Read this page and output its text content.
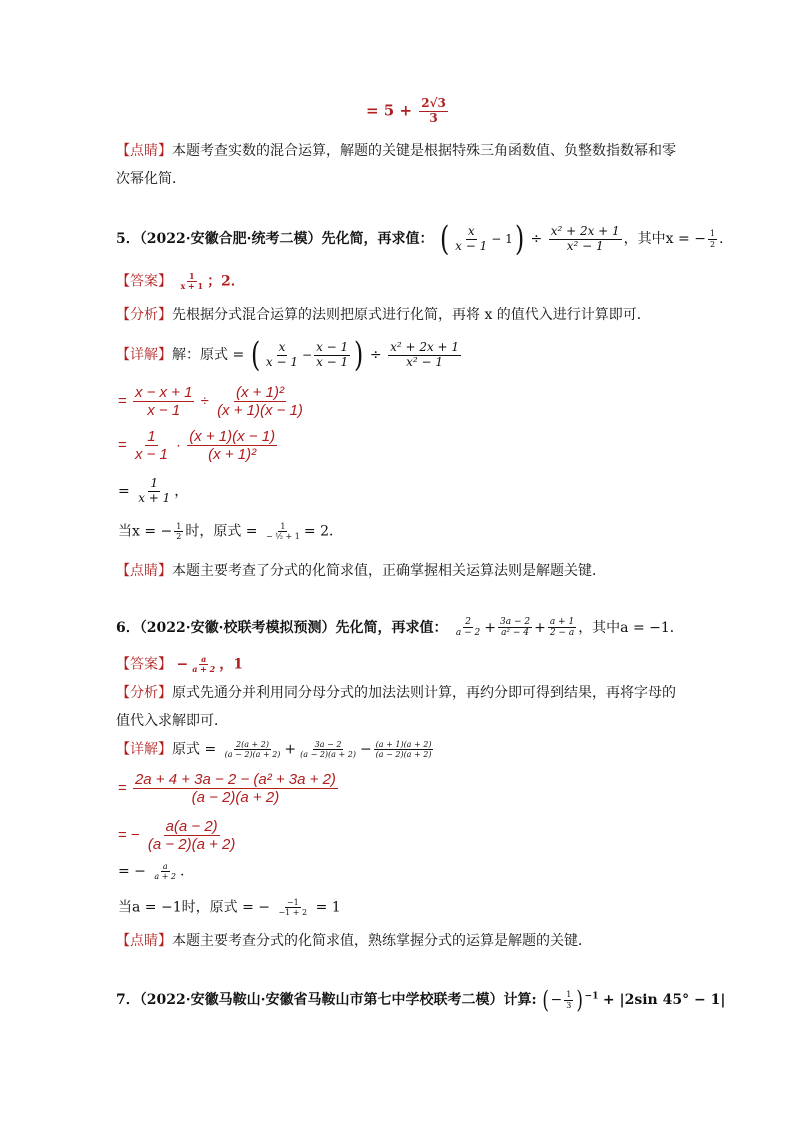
= $5 + \frac{2√3}{3}$
【点睛】本题考查实数的混合运算，解题的关键是根据特殊三角函数值、负整数指数幂和零
次幂化简．
5．（2022·安徽合肥·统考二模）先化简，再求值： ( $\frac{x}{x - 1} - 1) \div \frac{\text{x² + 2x + 1}}{\text{x² − 1}}$ ，其中x = − $\frac{1}{2}$ .
【答案】 $\frac{1}{x + 1}$ ；2．
【分析】先根据分式混合运算的法则把原式进行化简，再将 x 的值代入进行计算即可．
【详解】解：原式 = ( $\frac{x}{x - 1} - \frac{x - 1}{x - 1}$ ) ÷ $\frac{\text{x² + 2x + 1}}{\text{x² − 1}}$
= $\frac{x - x + 1}{x - 1} \div \frac{\text{(x + 1)²}}{(x + 1)(x - 1)}$
= $\frac{1}{x - 1} \cdot \frac{(x + 1)(x - 1)}{\text{(x + 1)²}}$
= $\frac{1}{x + 1}$ ，
当x = − $\frac{1}{2}$ 时，原式 = $\frac{1}{\text{− ½ + 1}} = 2$．
【点睛】本题主要考查了分式的化简求值，正确掌握相关运算法则是解题关键．
6．（2022·安徽·校联考模拟预测）先化简，再求值： $\frac{2}{a - 2} + \frac{3a - 2}{\text{a² − 4}} + \frac{a + 1}{2 - a}$ ，其中a = −1．
【答案】 − $\frac{a}{a + 2}$ ，1
【分析】原式先通分并利用同分母分式的加法法则计算，再约分即可得到结果，再将字母的
值代入求解即可．
【详解】原式 = $\frac{2(a + 2)}{(a - 2)(a + 2)} + \frac{3a - 2}{(a - 2)(a + 2)} - \frac{(a + 1)(a + 2)}{(a - 2)(a + 2)}$
= $\frac{\text{2a + 4 + 3a − 2 − (a² + 3a + 2)}}{(a - 2)(a + 2)}$
= − $\frac{a(a - 2)}{(a - 2)(a + 2)}$
= − $\frac{a}{a + 2}$ .
当a = −1时，原式 = − $\frac{-1}{-1 + 2} = 1$
【点睛】本题主要考查分式的化简求值，熟练掌握分式的运算是解题的关键．
7．（2022·安徽马鞍山·安徽省马鞍山市第七中学校联考二模）计算: (− $\frac{1}{3} )^{-1} + |2\sin$ 45° − 1|
